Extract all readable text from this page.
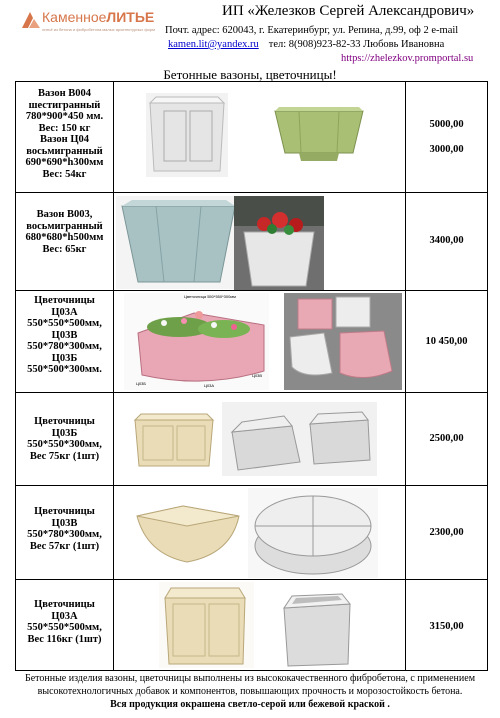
КаменноеЛИТЬЕ
литьё из бетона и фибробетона малых архитектурных форм
ИП «Железков Сергей Александрович»
Почт. адрес: 620043, г. Екатеринбург, ул. Репина, д.99, оф 2 e-mail
kamen.lit@yandex.ru тел: 8(908)923-82-33 Любовь Ивановна
https://zhelezkov.promportal.su
Бетонные вазоны, цветочницы!
Вазон В004
шестигранный
780*900*450 мм.
Вес: 150 кг
Вазон Ц04
восьмигранный
690*690*h300мм
Вес: 54кг
5000,00
3000,00
Вазон В003,
восьмигранный
680*680*h500мм
Вес: 65кг
3400,00
Цветочницы
Ц03А
550*550*500мм,
Ц03В
550*780*300мм,
Ц03Б
550*500*300мм.
Цветочница 550*550*300мм
Ц03Б	Ц03А
Ц03В
10 450,00
Цветочницы
Ц03Б
550*550*300мм,
Вес 75кг (1шт)
2500,00
Цветочницы
Ц03В
550*780*300мм,
Вес 57кг (1шт)
2300,00
Цветочницы
Ц03А
550*550*500мм,
Вес 116кг (1шт)
3150,00
Бетонные изделия вазоны, цветочницы выполнены из высококачественного фибробетона, с применением
высокотехнологичных добавок и компонентов, повышающих прочность и морозостойкость бетона.
Вся продукция окрашена светло-серой или бежевой краской .
